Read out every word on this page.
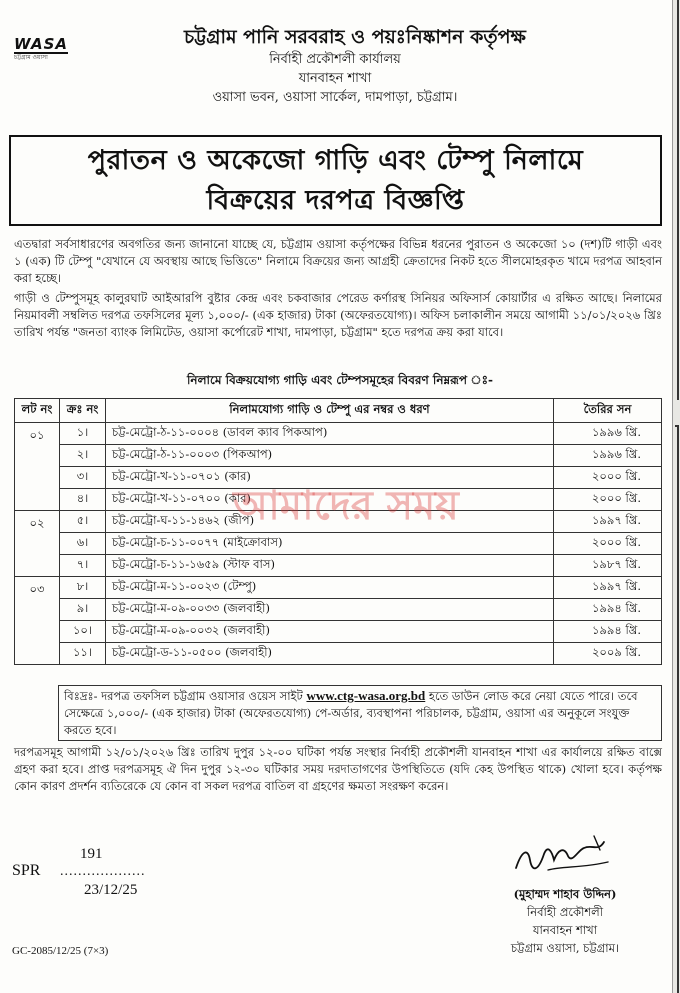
WASA
চট্টগ্রাম ওয়াসা
চট্টগ্রাম পানি সরবরাহ ও পয়ঃনিষ্কাশন কর্তৃপক্ষ
নির্বাহী প্রকৌশলী কার্যালয়
যানবাহন শাখা
ওয়াসা ভবন, ওয়াসা সার্কেল, দামপাড়া, চট্টগ্রাম।
পুরাতন ও অকেজো গাড়ি এবং টেম্পু নিলামে
বিক্রয়ের দরপত্র বিজ্ঞপ্তি
এতদ্বারা সর্বসাধারণের অবগতির জন্য জানানো যাচ্ছে যে, চট্টগ্রাম ওয়াসা কর্তৃপক্ষের বিভিন্ন ধরনের পুরাতন ও অকেজো ১০ (দশ)টি গাড়ী এবং ১ (এক) টি টেম্পু "যেখানে যে অবস্থায় আছে ভিত্তিতে" নিলামে বিক্রয়ের জন্য আগ্রহী ক্রেতাদের নিকট হতে সীলমোহরকৃত খামে দরপত্র আহবান করা হচ্ছে।
গাড়ী ও টেম্পুসমূহ কালুরঘাট আইআরপি বুষ্টার কেন্দ্র এবং চকবাজার পেরেড কর্ণারস্থ সিনিয়র অফিসার্স কোয়ার্টার এ রক্ষিত আছে। নিলামের নিয়মাবলী সম্বলিত দরপত্র তফসিলের মূল্য ১,০০০/- (এক হাজার) টাকা (অফেরতযোগ্য)। অফিস চলাকালীন সময়ে আগামী ১১/০১/২০২৬ খ্রিঃ তারিখ পর্যন্ত "জনতা ব্যাংক লিমিটেড, ওয়াসা কর্পোরেট শাখা, দামপাড়া, চট্টগ্রাম" হতে দরপত্র ক্রয় করা যাবে।
নিলামে বিক্রয়যোগ্য গাড়ি এবং টেম্পসমূহের বিবরণ নিম্নরূপ ঃ-
লট নং	ক্রঃ নং	নিলামযোগ্য গাড়ি ও টেম্পু এর নম্বর ও ধরণ	তৈরির সন
০১	১।	চট্ট-মেট্রো-ঠ-১১-০০০৪ (ডাবল ক্যাব পিকআপ)	১৯৯৬ খ্রি.
	২।	চট্ট-মেট্রো-ঠ-১১-০০০৩ (পিকআপ)	১৯৯৬ খ্রি.
	৩।	চট্ট-মেট্রো-খ-১১-০৭০১ (কার)	২০০০ খ্রি.
	৪।	চট্ট-মেট্রো-খ-১১-০৭০০ (কার)	২০০০ খ্রি.
০২	৫।	চট্ট-মেট্রো-ঘ-১১-১৪৬২ (জীপ)	১৯৯৭ খ্রি.
	৬।	চট্ট-মেট্রো-চ-১১-০০৭৭ (মাইক্রোবাস)	২০০০ খ্রি.
	৭।	চট্ট-মেট্রো-চ-১১-১৬৫৯ (স্টাফ বাস)	১৯৮৭ খ্রি.
০৩	৮।	চট্ট-মেট্রো-ম-১১-০০২৩ (টেম্পু)	১৯৯৭ খ্রি.
	৯।	চট্ট-মেট্রো-ম-০৯-০০৩৩ (জলবাহী)	১৯৯৪ খ্রি.
	১০।	চট্ট-মেট্রো-ম-০৯-০০৩২ (জলবাহী)	১৯৯৪ খ্রি.
	১১।	চট্ট-মেট্রো-ড-১১-০৫০০ (জলবাহী)	২০০৯ খ্রি.
আমাদের সময়
বিঃদ্রঃ- দরপত্র তফসিল চট্টগ্রাম ওয়াসার ওয়েস সাইট www.ctg-wasa.org.bd হতে ডাউন লোড করে নেয়া যেতে পারে। তবে সেক্ষেত্রে ১,০০০/- (এক হাজার) টাকা (অফেরতযোগ্য) পে-অর্ডার, ব্যবস্থাপনা পরিচালক, চট্টগ্রাম, ওয়াসা এর অনুকূলে সংযুক্ত করতে হবে।
দরপত্রসমূহ আগামী ১২/০১/২০২৬ খ্রিঃ তারিখ দুপুর ১২-০০ ঘটিকা পর্যন্ত সংস্থার নির্বাহী প্রকৌশলী যানবাহন শাখা এর কার্যালয়ে রক্ষিত বাক্সে গ্রহণ করা হবে। প্রাপ্ত দরপত্রসমূহ ঐ দিন দুপুর ১২-৩০ ঘটিকার সময় দরদাতাগণের উপস্থিতিতে (যদি কেহ উপস্থিত থাকে) খোলা হবে। কর্তৃপক্ষ কোন কারণ প্রদর্শন ব্যতিরেকে যে কোন বা সকল দরপত্র বাতিল বা গ্রহণের ক্ষমতা সংরক্ষণ করেন।
191
SPR ...................
23/12/25
GC-2085/12/25 (7×3)
(মুহাম্মদ শাহাব উদ্দিন)
নির্বাহী প্রকৌশলী
যানবাহন শাখা
চট্টগ্রাম ওয়াসা, চট্টগ্রাম।
